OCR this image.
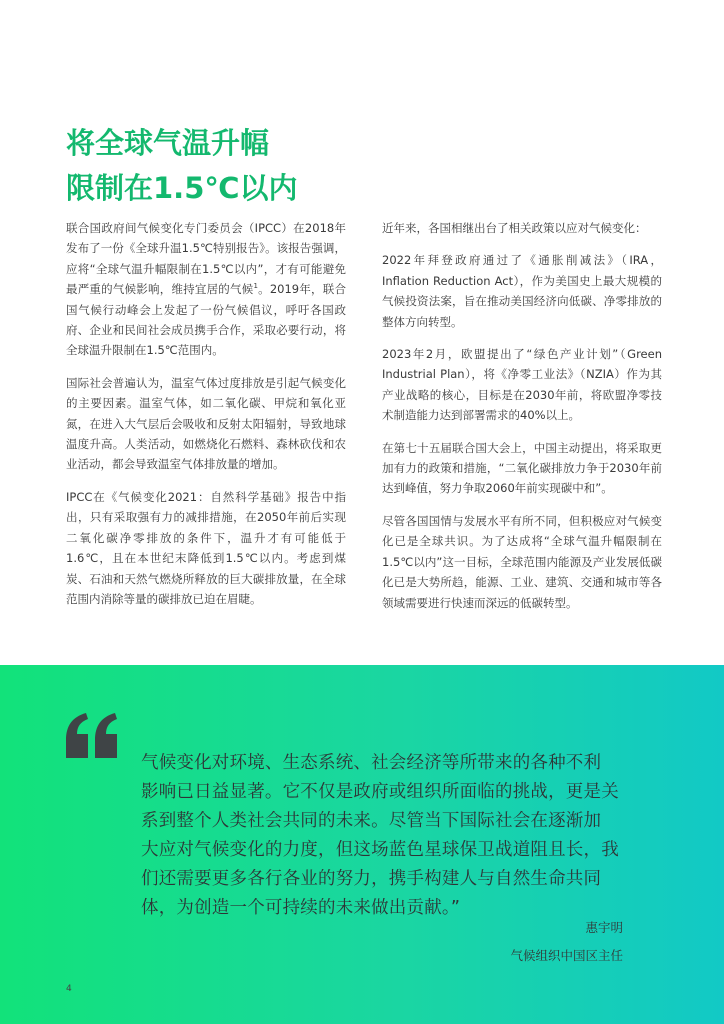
将全球气温升幅
限制在1.5℃以内

联合国政府间气候变化专门委员会（IPCC）在2018年发布了一份《全球升温1.5℃特别报告》。该报告强调，应将“全球气温升幅限制在1.5℃以内”，才有可能避免最严重的气候影响，维持宜居的气候$^1$。2019年，联合国气候行动峰会上发起了一份气候倡议，呼吁各国政府、企业和民间社会成员携手合作，采取必要行动，将全球温升限制在1.5℃范围内。

国际社会普遍认为，温室气体过度排放是引起气候变化的主要因素。温室气体，如二氧化碳、甲烷和氧化亚氮，在进入大气层后会吸收和反射太阳辐射，导致地球温度升高。人类活动，如燃烧化石燃料、森林砍伐和农业活动，都会导致温室气体排放量的增加。

IPCC在《气候变化2021：自然科学基础》报告中指出，只有采取强有力的减排措施，在2050年前后实现二氧化碳净零排放的条件下，温升才有可能低于1.6℃，且在本世纪末降低到1.5℃以内。考虑到煤炭、石油和天然气燃烧所释放的巨大碳排放量，在全球范围内消除等量的碳排放已迫在眉睫。

近年来，各国相继出台了相关政策以应对气候变化：

2022年拜登政府通过了《通胀削减法》（IRA，Inflation Reduction Act），作为美国史上最大规模的气候投资法案，旨在推动美国经济向低碳、净零排放的整体方向转型。

2023年2月，欧盟提出了“绿色产业计划”（Green Industrial Plan），将《净零工业法》（NZIA）作为其产业战略的核心，目标是在2030年前，将欧盟净零技术制造能力达到部署需求的40%以上。

在第七十五届联合国大会上，中国主动提出，将采取更加有力的政策和措施，“二氧化碳排放力争于2030年前达到峰值，努力争取2060年前实现碳中和”。

尽管各国国情与发展水平有所不同，但积极应对气候变化已是全球共识。为了达成将“全球气温升幅限制在1.5℃以内”这一目标，全球范围内能源及产业发展低碳化已是大势所趋，能源、工业、建筑、交通和城市等各领域需要进行快速而深远的低碳转型。

气候变化对环境、生态系统、社会经济等所带来的各种不利
影响已日益显著。它不仅是政府或组织所面临的挑战，更是关
系到整个人类社会共同的未来。尽管当下国际社会在逐渐加
大应对气候变化的力度，但这场蓝色星球保卫战道阻且长，我
们还需要更多各行各业的努力，携手构建人与自然生命共同
体，为创造一个可持续的未来做出贡献。”

惠宇明
气候组织中国区主任
4
